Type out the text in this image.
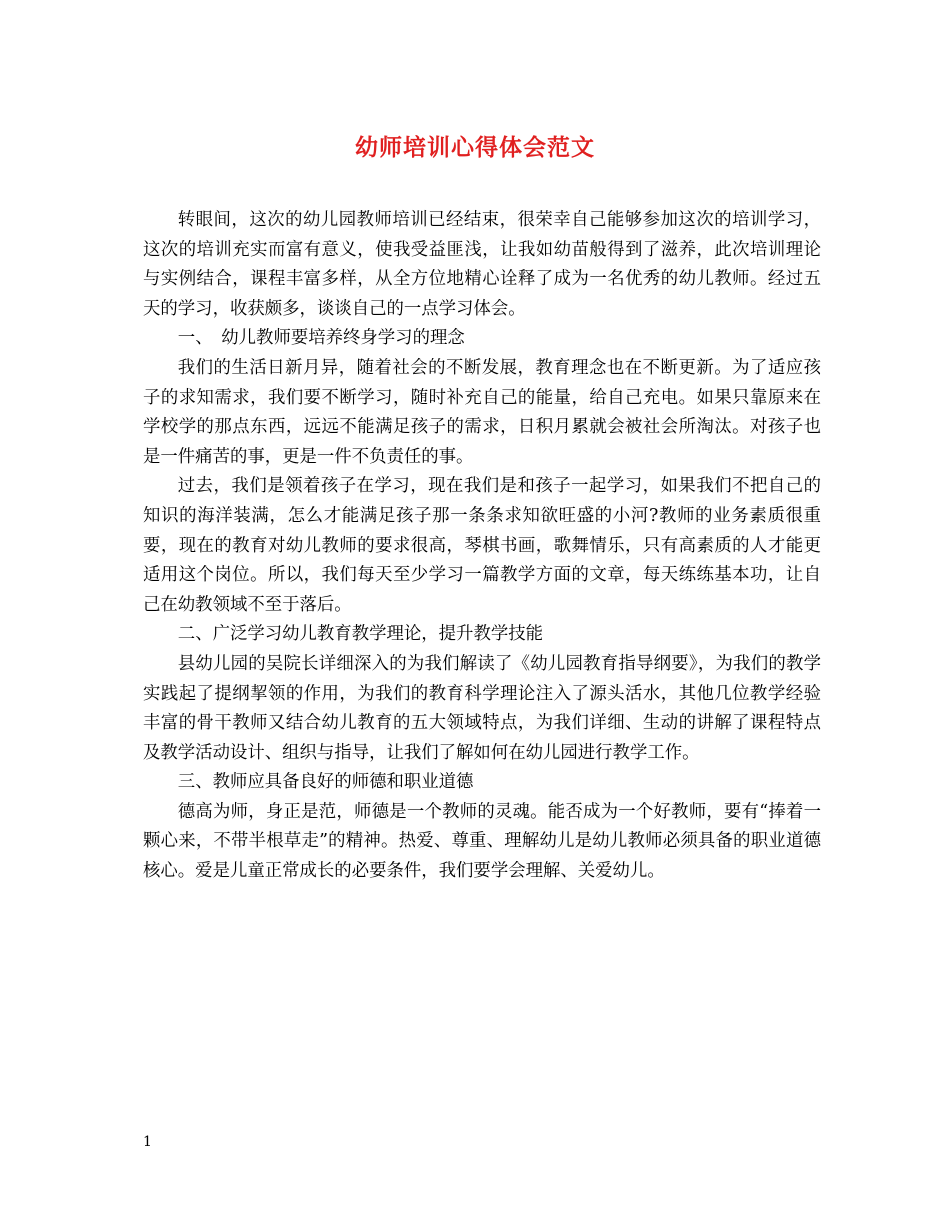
幼师培训心得体会范文

转眼间，这次的幼儿园教师培训已经结束，很荣幸自己能够参加这次的培训学习，这次的培训充实而富有意义，使我受益匪浅，让我如幼苗般得到了滋养，此次培训理论与实例结合，课程丰富多样，从全方位地精心诠释了成为一名优秀的幼儿教师。经过五天的学习，收获颇多，谈谈自己的一点学习体会。

一、　幼儿教师要培养终身学习的理念

我们的生活日新月异，随着社会的不断发展，教育理念也在不断更新。为了适应孩子的求知需求，我们要不断学习，随时补充自己的能量，给自己充电。如果只靠原来在学校学的那点东西，远远不能满足孩子的需求，日积月累就会被社会所淘汰。对孩子也是一件痛苦的事，更是一件不负责任的事。

过去，我们是领着孩子在学习，现在我们是和孩子一起学习，如果我们不把自己的知识的海洋装满，怎么才能满足孩子那一条条求知欲旺盛的小河?教师的业务素质很重要，现在的教育对幼儿教师的要求很高，琴棋书画，歌舞情乐，只有高素质的人才能更适用这个岗位。所以，我们每天至少学习一篇教学方面的文章，每天练练基本功，让自己在幼教领域不至于落后。

二、广泛学习幼儿教育教学理论，提升教学技能

县幼儿园的吴院长详细深入的为我们解读了《幼儿园教育指导纲要》，为我们的教学实践起了提纲挈领的作用，为我们的教育科学理论注入了源头活水，其他几位教学经验丰富的骨干教师又结合幼儿教育的五大领域特点，为我们详细、生动的讲解了课程特点及教学活动设计、组织与指导，让我们了解如何在幼儿园进行教学工作。

三、教师应具备良好的师德和职业道德

德高为师，身正是范，师德是一个教师的灵魂。能否成为一个好教师，要有“捧着一颗心来，不带半根草走”的精神。热爱、尊重、理解幼儿是幼儿教师必须具备的职业道德核心。爱是儿童正常成长的必要条件，我们要学会理解、关爱幼儿。

1
